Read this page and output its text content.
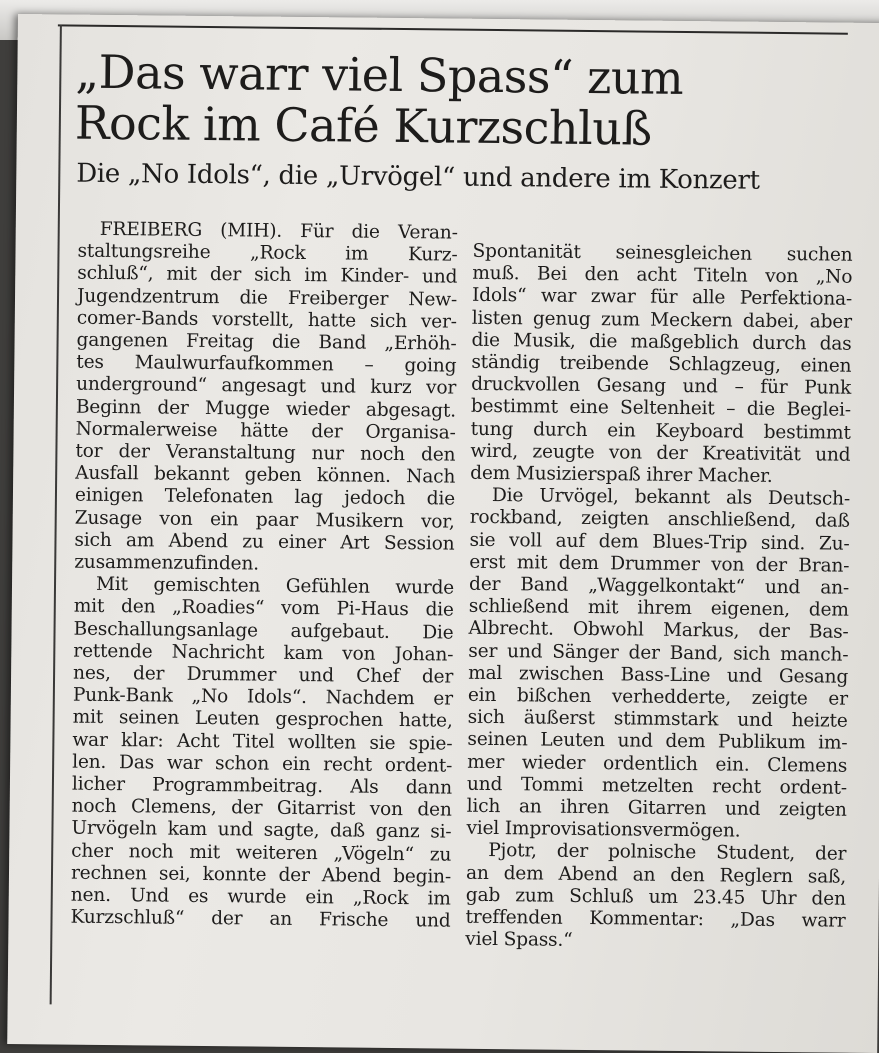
„Das warr viel Spass“ zum
Rock im Café Kurzschluß
Die „No Idols“, die „Urvögel“ und andere im Konzert
FREIBERG (MIH). Für die Veran-
staltungsreihe „Rock im Kurz-
schluß“, mit der sich im Kinder- und
Jugendzentrum die Freiberger New-
comer-Bands vorstellt, hatte sich ver-
gangenen Freitag die Band „Erhöh-
tes Maulwurfaufkommen – going
underground“ angesagt und kurz vor
Beginn der Mugge wieder abgesagt.
Normalerweise hätte der Organisa-
tor der Veranstaltung nur noch den
Ausfall bekannt geben können. Nach
einigen Telefonaten lag jedoch die
Zusage von ein paar Musikern vor,
sich am Abend zu einer Art Session
zusammenzufinden.
Mit gemischten Gefühlen wurde
mit den „Roadies“ vom Pi-Haus die
Beschallungsanlage aufgebaut. Die
rettende Nachricht kam von Johan-
nes, der Drummer und Chef der
Punk-Bank „No Idols“. Nachdem er
mit seinen Leuten gesprochen hatte,
war klar: Acht Titel wollten sie spie-
len. Das war schon ein recht ordent-
licher Programmbeitrag. Als dann
noch Clemens, der Gitarrist von den
Urvögeln kam und sagte, daß ganz si-
cher noch mit weiteren „Vögeln“ zu
rechnen sei, konnte der Abend begin-
nen. Und es wurde ein „Rock im
Kurzschluß“ der an Frische und
Spontanität seinesgleichen suchen
muß. Bei den acht Titeln von „No
Idols“ war zwar für alle Perfektiona-
listen genug zum Meckern dabei, aber
die Musik, die maßgeblich durch das
ständig treibende Schlagzeug, einen
druckvollen Gesang und – für Punk
bestimmt eine Seltenheit – die Beglei-
tung durch ein Keyboard bestimmt
wird, zeugte von der Kreativität und
dem Musizierspaß ihrer Macher.
Die Urvögel, bekannt als Deutsch-
rockband, zeigten anschließend, daß
sie voll auf dem Blues-Trip sind. Zu-
erst mit dem Drummer von der Bran-
der Band „Waggelkontakt“ und an-
schließend mit ihrem eigenen, dem
Albrecht. Obwohl Markus, der Bas-
ser und Sänger der Band, sich manch-
mal zwischen Bass-Line und Gesang
ein bißchen verhedderte, zeigte er
sich äußerst stimmstark und heizte
seinen Leuten und dem Publikum im-
mer wieder ordentlich ein. Clemens
und Tommi metzelten recht ordent-
lich an ihren Gitarren und zeigten
viel Improvisationsvermögen.
Pjotr, der polnische Student, der
an dem Abend an den Reglern saß,
gab zum Schluß um 23.45 Uhr den
treffenden Kommentar: „Das warr
viel Spass.“
